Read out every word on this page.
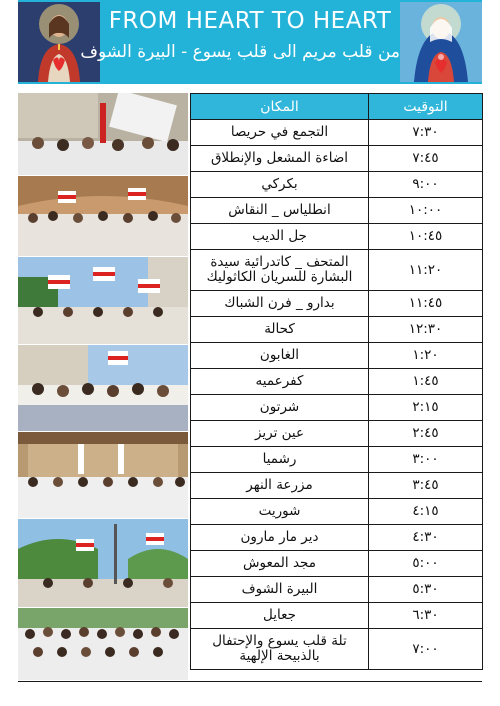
FROM HEART TO HEART
من قلب مريم الى قلب يسوع - البيرة الشوف
المكان	التوقيت
التجمع في حريصا	٧:٣٠
اضاءة المشعل والإنطلاق	٧:٤٥
بكركي	٩:٠٠
انطلياس _ النقاش	١٠:٠٠
جل الديب	١٠:٤٥
المتحف _ كاتدرائية سيدة البشارة للسريان الكاثوليك	١١:٢٠
بدارو _ فرن الشباك	١١:٤٥
كحالة	١٢:٣٠
الغابون	١:٢٠
كفرعميه	١:٤٥
شرتون	٢:١٥
عين تريز	٢:٤٥
رشميا	٣:٠٠
مزرعة النهر	٣:٤٥
شوريت	٤:١٥
دير مار مارون	٤:٣٠
مجد المعوش	٥:٠٠
البيرة الشوف	٥:٣٠
جعايل	٦:٣٠
تلة قلب يسوع والإحتفال بالذبيحة الإلهية	٧:٠٠
